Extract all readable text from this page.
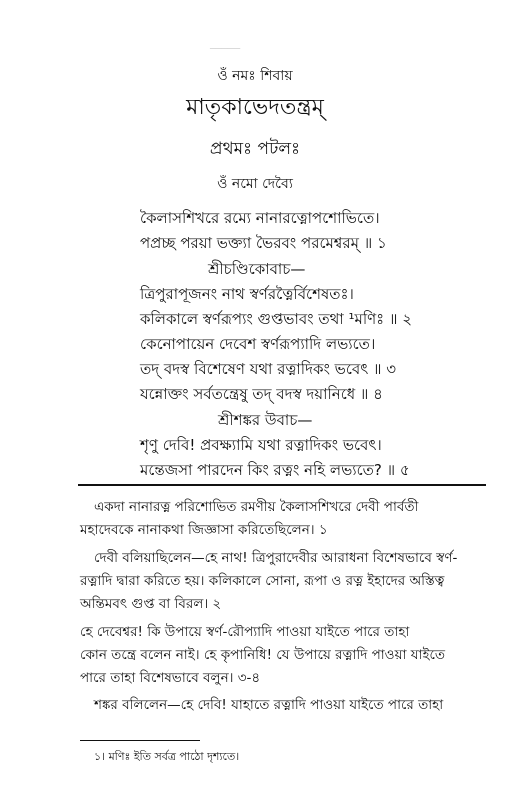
─────
ওঁ নমঃ শিবায়
মাতৃকাভেদতন্ত্রম্
প্রথমঃ পটলঃ
ওঁ নমো দেব্যৈ
কৈলাসশিখরে রম্যে নানারত্নোপশোভিতে।
পপ্রচ্ছ পরয়া ভক্ত্যা ভৈরবং পরমেশ্বরম্ ॥ ১
শ্রীচণ্ডিকোবাচ—
ত্রিপুরাপূজনং নাথ স্বর্ণরত্নৈর্বিশেষতঃ।
কলিকালে স্বর্ণরূপ্যং গুপ্তভাবং তথা ¹মণিঃ ॥ ২
কেনোপায়েন দেবেশ স্বর্ণরূপ্যাদি লভ্যতে।
তদ্ বদস্ব বিশেষেণ যথা রত্নাদিকং ভবেৎ ॥ ৩
যন্নোক্তং সর্বতন্ত্রেষু তদ্ বদস্ব দয়ানিধে ॥ ৪
শ্রীশঙ্কর উবাচ—
শৃণু দেবি! প্রবক্ষ্যামি যথা রত্নাদিকং ভবেৎ।
মন্তেজসা পারদেন কিং রত্নং নহি লভ্যতে? ॥ ৫
একদা নানারত্ন পরিশোভিত রমণীয় কৈলাসশিখরে দেবী পার্বতী
মহাদেবকে নানাকথা জিজ্ঞাসা করিতেছিলেন। ১
দেবী বলিয়াছিলেন—হে নাথ! ত্রিপুরাদেবীর আরাধনা বিশেষভাবে স্বর্ণ-
রত্নাদি দ্বারা করিতে হয়। কলিকালে সোনা, রূপা ও রত্ন ইহাদের অস্তিত্ব
অন্তিমবৎ গুপ্ত বা বিরল। ২
হে দেবেশ্বর! কি উপায়ে স্বর্ণ-রৌপ্যাদি পাওয়া যাইতে পারে তাহা
কোন তন্ত্রে বলেন নাই। হে কৃপানিধি! যে উপায়ে রত্নাদি পাওয়া যাইতে
পারে তাহা বিশেষভাবে বলুন। ৩-৪
শঙ্কর বলিলেন—হে দেবি! যাহাতে রত্নাদি পাওয়া যাইতে পারে তাহা
১। মণিঃ ইতি সর্বত্র পাঠো দৃশ্যতে।
